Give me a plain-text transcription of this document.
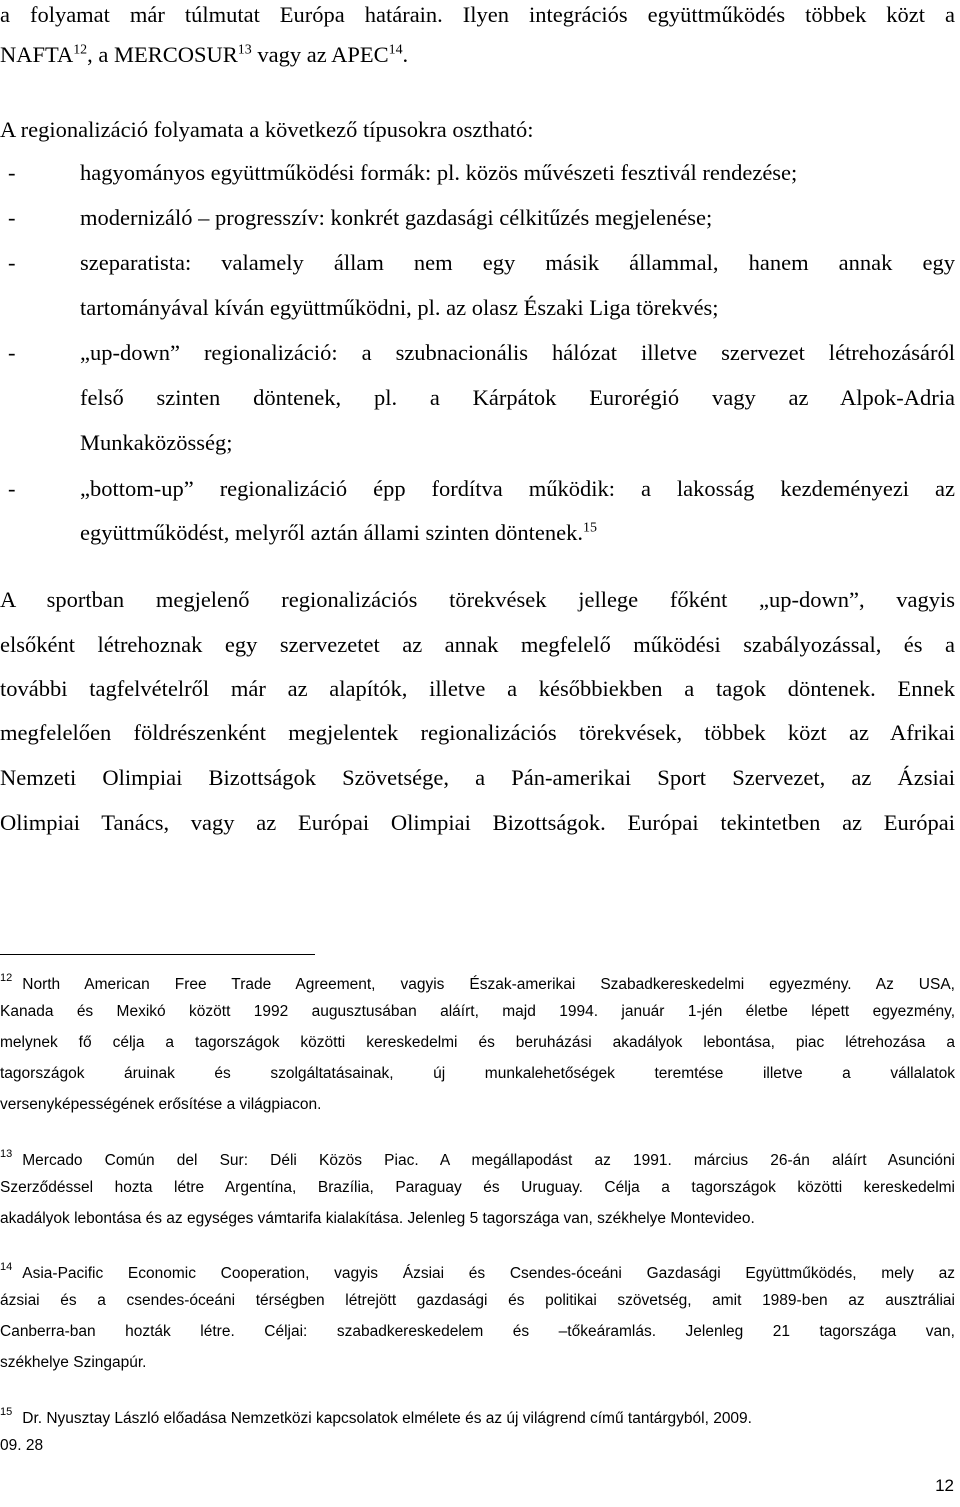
a folyamat már túlmutat Európa határain. Ilyen integrációs együttműködés többek közt a
NAFTA$^{12}$, a MERCOSUR$^{13}$ vagy az APEC$^{14}$.
A regionalizáció folyamata a következő típusokra osztható:
-	hagyományos együttműködési formák: pl. közös művészeti fesztivál rendezése;
-	modernizáló – progresszív: konkrét gazdasági célkitűzés megjelenése;
-	szeparatista: valamely állam nem egy másik állammal, hanem annak egy
tartományával kíván együttműködni, pl. az olasz Északi Liga törekvés;
-	„up-down” regionalizáció: a szubnacionális hálózat illetve szervezet létrehozásáról
felső szinten döntenek, pl. a Kárpátok Eurorégió vagy az Alpok-Adria
Munkaközösség;
-	„bottom-up” regionalizáció épp fordítva működik: a lakosság kezdeményezi az
együttműködést, melyről aztán állami szinten döntenek.$^{15}$
A sportban megjelenő regionalizációs törekvések jellege főként „up-down”, vagyis
elsőként létrehoznak egy szervezetet az annak megfelelő működési szabályozással, és a
további tagfelvételről már az alapítók, illetve a későbbiekben a tagok döntenek. Ennek
megfelelően földrészenként megjelentek regionalizációs törekvések, többek közt az Afrikai
Nemzeti Olimpiai Bizottságok Szövetsége, a Pán-amerikai Sport Szervezet, az Ázsiai
Olimpiai Tanács, vagy az Európai Olimpiai Bizottságok. Európai tekintetben az Európai
$^{12}$ North American Free Trade Agreement, vagyis Észak-amerikai Szabadkereskedelmi egyezmény. Az USA,
Kanada és Mexikó között 1992 augusztusában aláírt, majd 1994. január 1-jén életbe lépett egyezmény,
melynek fő célja a tagországok közötti kereskedelmi és beruházási akadályok lebontása, piac létrehozása a
tagországok áruinak és szolgáltatásainak, új munkalehetőségek teremtése illetve a vállalatok
versenyképességének erősítése a világpiacon.
$^{13}$ Mercado Común del Sur: Déli Közös Piac. A megállapodást az 1991. március 26-án aláírt Asuncióni
Szerződéssel hozta létre Argentína, Brazília, Paraguay és Uruguay. Célja a tagországok közötti kereskedelmi
akadályok lebontása és az egységes vámtarifa kialakítása. Jelenleg 5 tagországa van, székhelye Montevideo.
$^{14}$ Asia-Pacific Economic Cooperation, vagyis Ázsiai és Csendes-óceáni Gazdasági Együttműködés, mely az
ázsiai és a csendes-óceáni térségben létrejött gazdasági és politikai szövetség, amit 1989-ben az ausztráliai
Canberra-ban hozták létre. Céljai: szabadkereskedelem és –tőkeáramlás. Jelenleg 21 tagországa van,
székhelye Szingapúr.
$^{15}$ Dr. Nyusztay László előadása Nemzetközi kapcsolatok elmélete és az új világrend című tantárgyból, 2009.
09. 28
12
